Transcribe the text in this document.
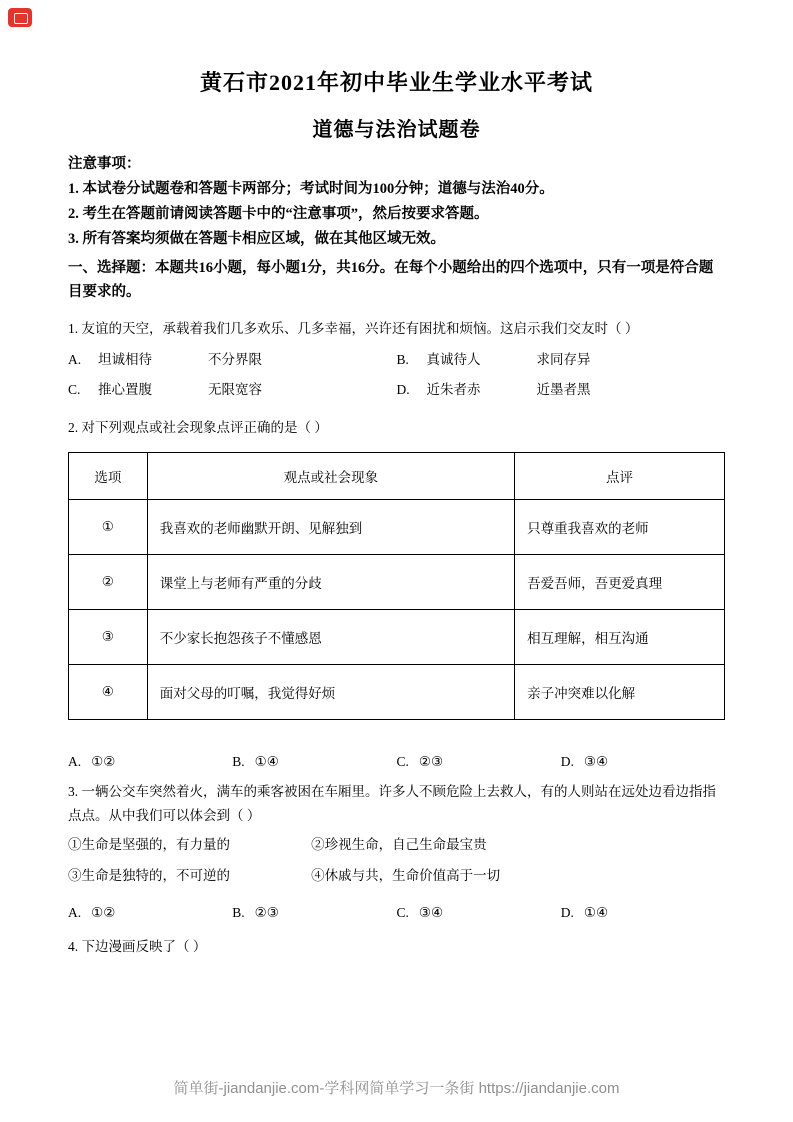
黄石市2021年初中毕业生学业水平考试
道德与法治试题卷

注意事项：

1. 本试卷分试题卷和答题卡两部分；考试时间为100分钟；道德与法治40分。

2. 考生在答题前请阅读答题卡中的“注意事项”，然后按要求答题。

3. 所有答案均须做在答题卡相应区域，做在其他区域无效。

一、选择题：本题共16小题，每小题1分，共16分。在每个小题给出的四个选项中，只有一项是符合题目要求的。

1. 友谊的天空，承载着我们几多欢乐、几多幸福，兴许还有困扰和烦恼。这启示我们交友时（ ）

A.	坦诚相待	不分界限	B.	真诚待人	求同存异
C.	推心置腹	无限宽容	D.	近朱者赤	近墨者黑

2. 对下列观点或社会现象点评正确的是（ ）

选项	观点或社会现象	点评
①	我喜欢的老师幽默开朗、见解独到	只尊重我喜欢的老师
②	课堂上与老师有严重的分歧	吾爱吾师，吾更爱真理
③	不少家长抱怨孩子不懂感恩	相互理解，相互沟通
④	面对父母的叮嘱，我觉得好烦	亲子冲突难以化解
A. ①②	B. ①④	C. ②③	D. ③④

3. 一辆公交车突然着火，满车的乘客被困在车厢里。许多人不顾危险上去救人，有的人则站在远处边看边指指点点。从中我们可以体会到（ ）

①生命是坚强的，有力量的	②珍视生命，自己生命最宝贵
③生命是独特的，不可逆的	④休戚与共，生命价值高于一切
A. ①②	B. ②③	C. ③④	D. ①④

4. 下边漫画反映了（ ）

简单街-jiandanjie.com-学科网简单学习一条街 https://jiandanjie.com
